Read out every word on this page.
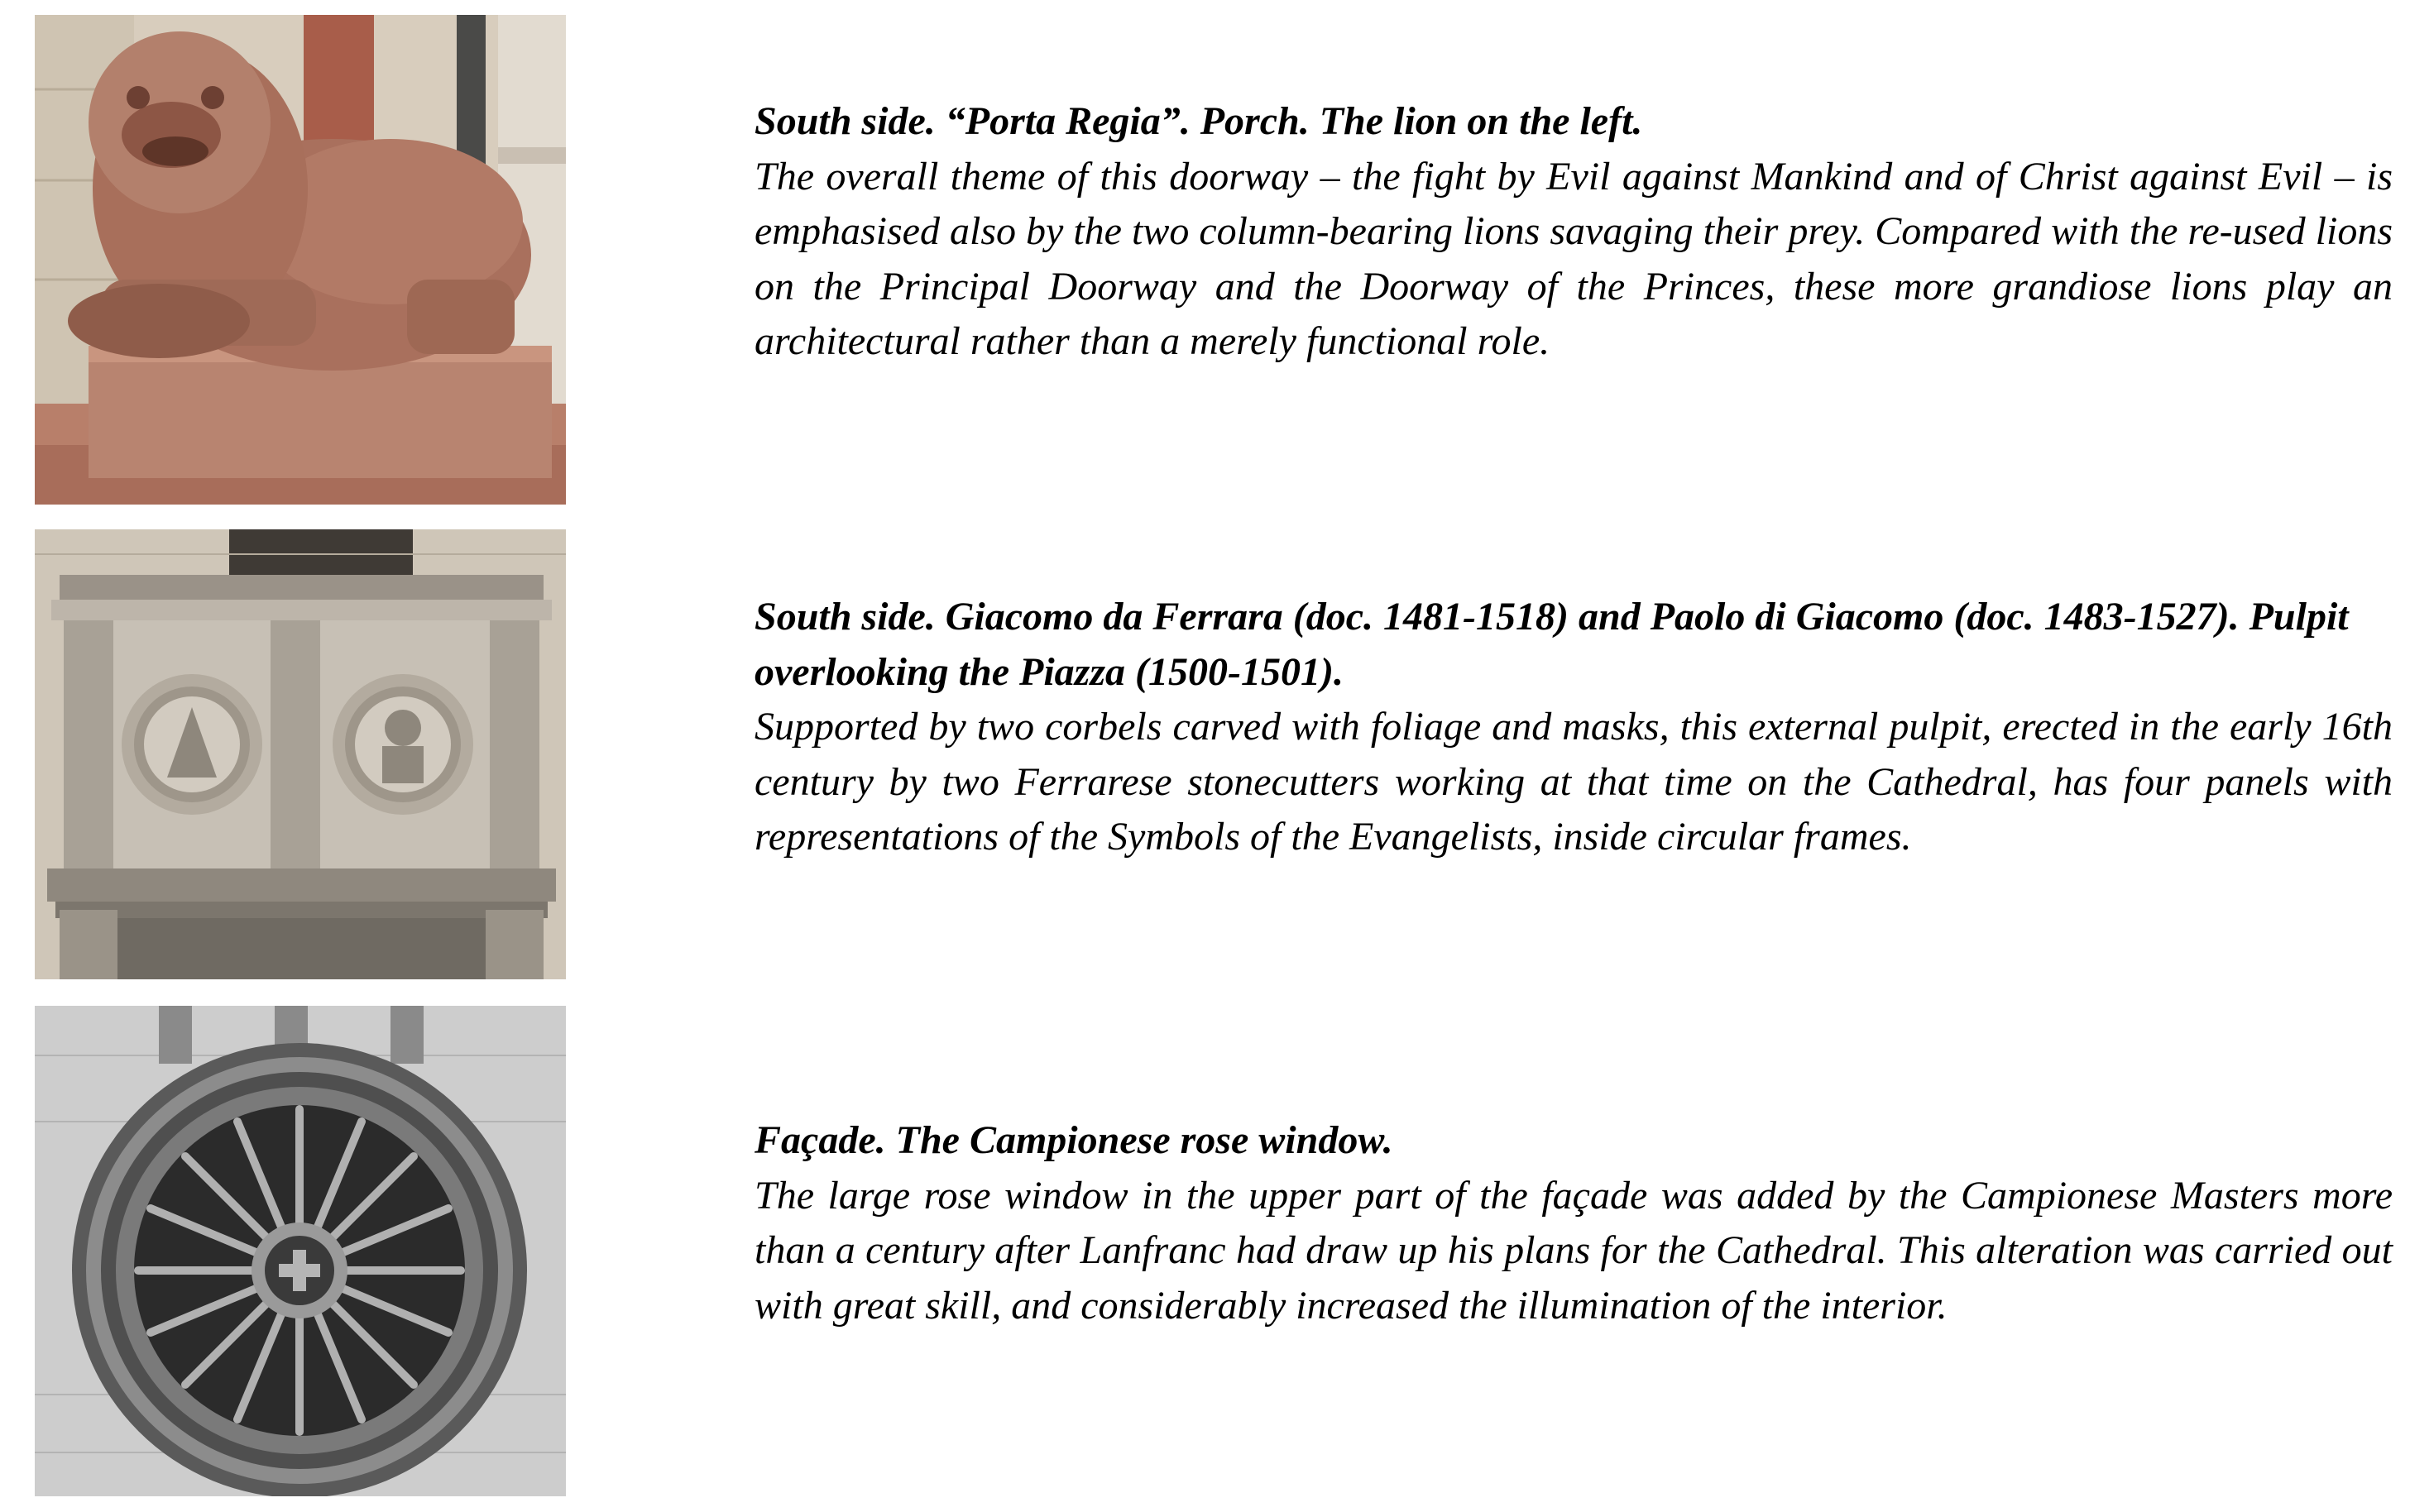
South side. “Porta Regia”. Porch. The lion on the left.
The overall theme of this doorway – the fight by Evil against Mankind and of Christ against Evil – is emphasised also by the two column-bearing lions savaging their prey. Compared with the re-used lions on the Principal Doorway and the Doorway of the Princes, these more grandiose lions play an architectural rather than a merely functional role.
South side. Giacomo da Ferrara (doc. 1481-1518) and Paolo di Giacomo (doc. 1483-1527). Pulpit overlooking the Piazza (1500-1501).
Supported by two corbels carved with foliage and masks, this external pulpit, erected in the early 16th century by two Ferrarese stonecutters working at that time on the Cathedral, has four panels with representations of the Symbols of the Evangelists, inside circular frames.
Façade. The Campionese rose window.
The large rose window in the upper part of the façade was added by the Campionese Masters more than a century after Lanfranc had draw up his plans for the Cathedral. This alteration was carried out with great skill, and considerably increased the illumination of the interior.
